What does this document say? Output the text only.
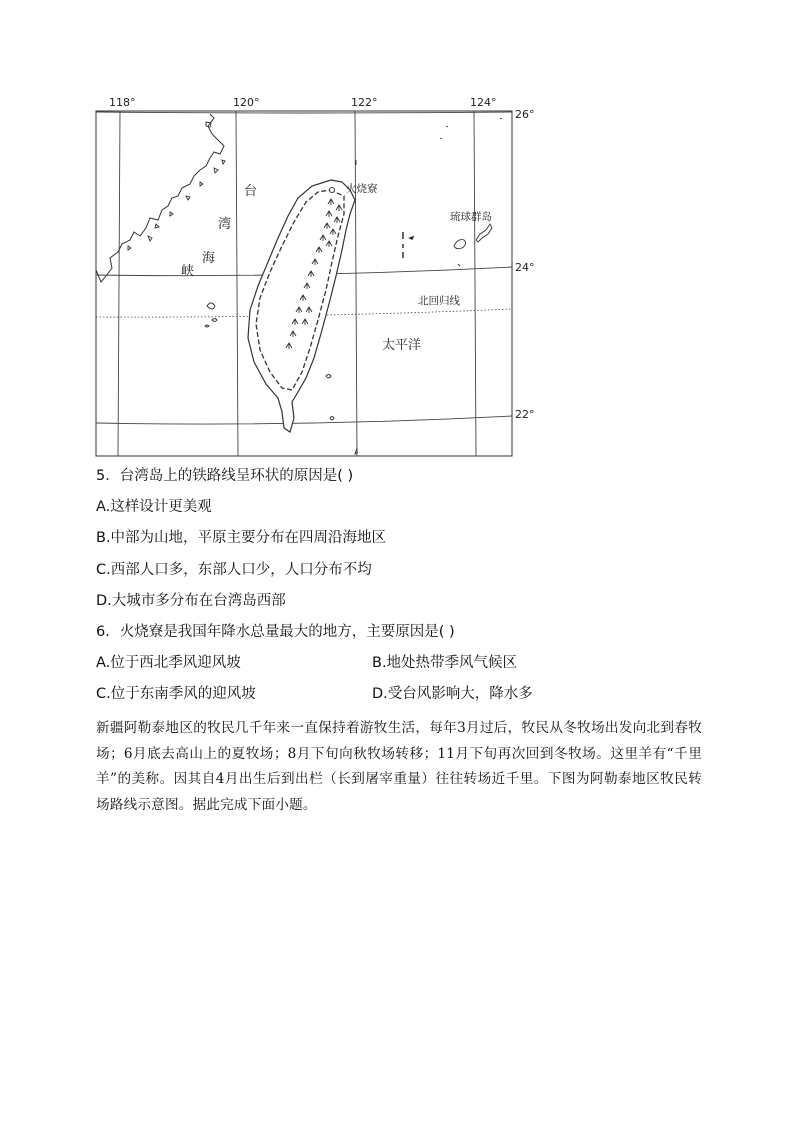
118°	120°	122°	124°
26°
24°
22°
台
湾
海
峡
火烧寮
琉球群岛
北回归线
太平洋
5．台湾岛上的铁路线呈环状的原因是( )
A.这样设计更美观
B.中部为山地，平原主要分布在四周沿海地区
C.西部人口多，东部人口少，人口分布不均
D.大城市多分布在台湾岛西部
6．火烧寮是我国年降水总量最大的地方，主要原因是( )
A.位于西北季风迎风坡	B.地处热带季风气候区
C.位于东南季风的迎风坡	D.受台风影响大，降水多
新疆阿勒泰地区的牧民几千年来一直保持着游牧生活，每年3月过后，牧民从冬牧场出发向北到春牧场；6月底去高山上的夏牧场；8月下旬向秋牧场转移；11月下旬再次回到冬牧场。这里羊有“千里羊”的美称。因其自4月出生后到出栏（长到屠宰重量）往往转场近千里。下图为阿勒泰地区牧民转场路线示意图。据此完成下面小题。
